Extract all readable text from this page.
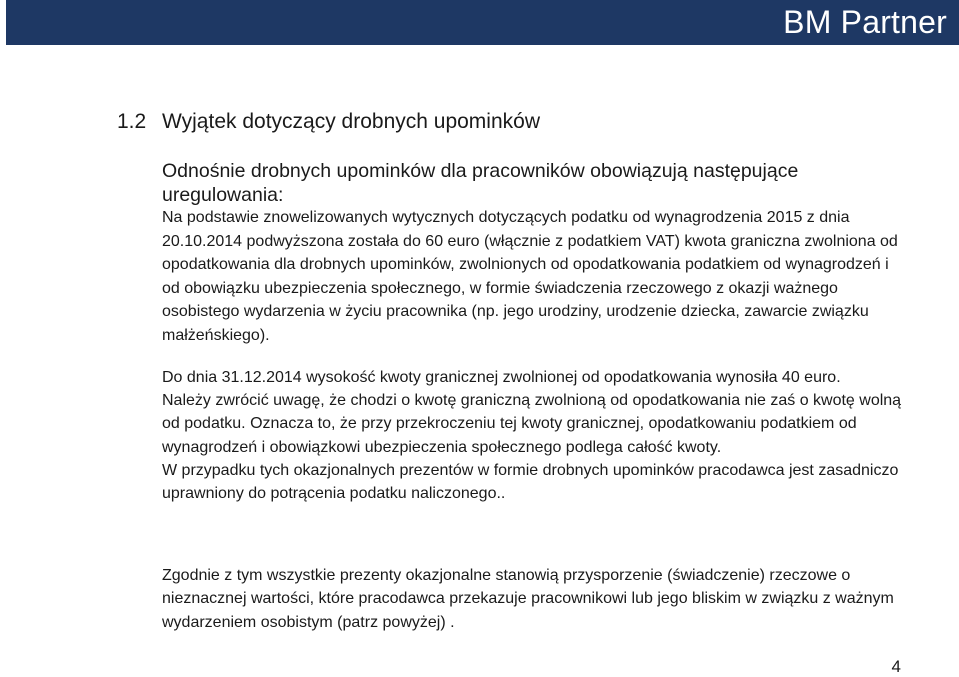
BM Partner
1.2 Wyjątek dotyczący drobnych upominków
Odnośnie drobnych upominków dla pracowników obowiązują następujące uregulowania:
Na podstawie znowelizowanych wytycznych dotyczących podatku od wynagrodzenia 2015 z dnia 20.10.2014 podwyższona została do 60 euro (włącznie z podatkiem VAT) kwota graniczna zwolniona od opodatkowania dla drobnych upominków, zwolnionych od opodatkowania podatkiem od wynagrodzeń i od obowiązku ubezpieczenia społecznego, w formie świadczenia rzeczowego z okazji ważnego osobistego wydarzenia w życiu pracownika (np. jego urodziny, urodzenie dziecka, zawarcie związku małżeńskiego).
Do dnia 31.12.2014 wysokość kwoty granicznej zwolnionej od opodatkowania wynosiła 40 euro.
Należy zwrócić uwagę, że chodzi o kwotę graniczną zwolnioną od opodatkowania nie zaś o kwotę wolną od podatku. Oznacza to, że przy przekroczeniu tej kwoty granicznej, opodatkowaniu podatkiem od wynagrodzeń i obowiązkowi ubezpieczenia społecznego podlega całość kwoty.
W przypadku tych okazjonalnych prezentów w formie drobnych upominków pracodawca jest zasadniczo uprawniony do potrącenia podatku naliczonego..
Zgodnie z tym wszystkie prezenty okazjonalne stanowią przysporzenie (świadczenie) rzeczowe o nieznacznej wartości, które pracodawca przekazuje pracownikowi lub jego bliskim w związku z ważnym wydarzeniem osobistym (patrz powyżej) .
4
